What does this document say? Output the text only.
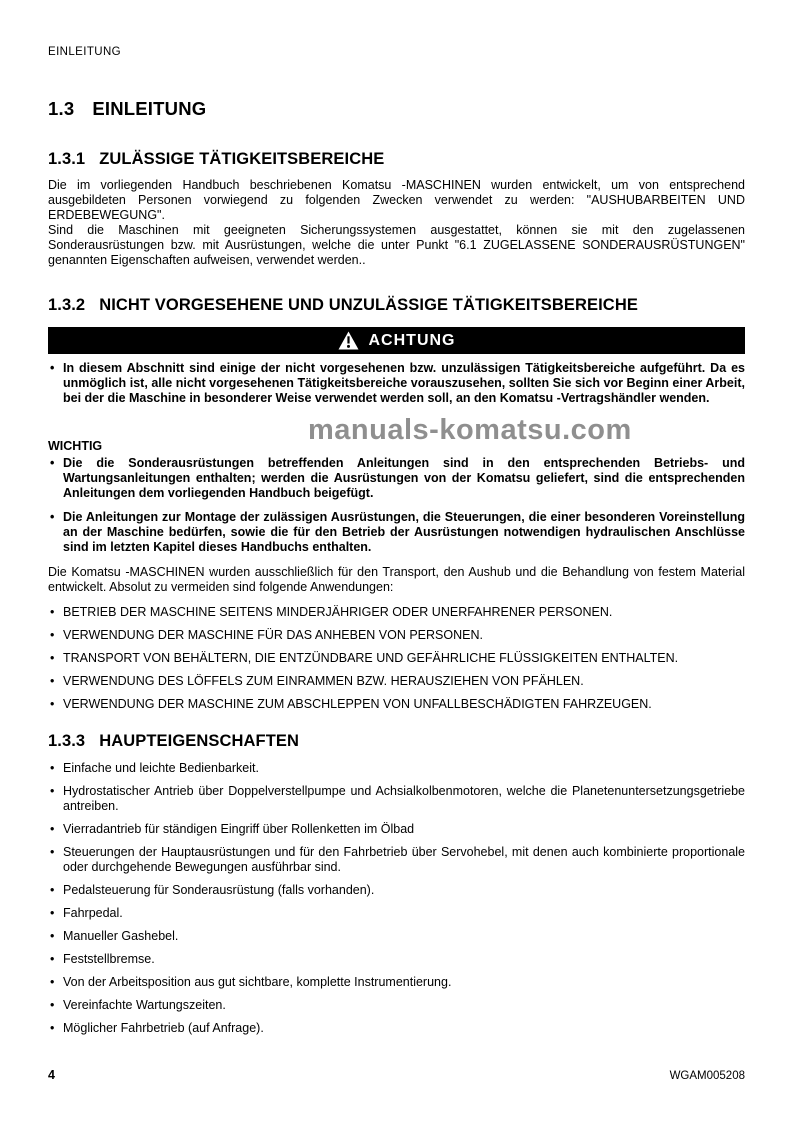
EINLEITUNG
1.3 EINLEITUNG
1.3.1 ZULÄSSIGE TÄTIGKEITSBEREICHE

Die im vorliegenden Handbuch beschriebenen Komatsu -MASCHINEN wurden entwickelt, um von entsprechend ausgebildeten Personen vorwiegend zu folgenden Zwecken verwendet zu werden: "AUSHUBARBEITEN UND ERDEBEWEGUNG".

Sind die Maschinen mit geeigneten Sicherungssystemen ausgestattet, können sie mit den zugelassenen Sonderausrüstungen bzw. mit Ausrüstungen, welche die unter Punkt "6.1 ZUGELASSENE SONDERAUSRÜSTUNGEN" genannten Eigenschaften aufweisen, verwendet werden..

1.3.2 NICHT VORGESEHENE UND UNZULÄSSIGE TÄTIGKEITSBEREICHE
ACHTUNG
• In diesem Abschnitt sind einige der nicht vorgesehenen bzw. unzulässigen Tätigkeitsbereiche aufgeführt. Da es unmöglich ist, alle nicht vorgesehenen Tätigkeitsbereiche vorauszusehen, sollten Sie sich vor Beginn einer Arbeit, bei der die Maschine in besonderer Weise verwendet werden soll, an den Komatsu -Vertragshändler wenden.
WICHTIG
• Die die Sonderausrüstungen betreffenden Anleitungen sind in den entsprechenden Betriebs- und Wartungsanleitungen enthalten; werden die Ausrüstungen von der Komatsu geliefert, sind die entsprechenden Anleitungen dem vorliegenden Handbuch beigefügt.
• Die Anleitungen zur Montage der zulässigen Ausrüstungen, die Steuerungen, die einer besonderen Voreinstellung an der Maschine bedürfen, sowie die für den Betrieb der Ausrüstungen notwendigen hydraulischen Anschlüsse sind im letzten Kapitel dieses Handbuchs enthalten.

Die Komatsu -MASCHINEN wurden ausschließlich für den Transport, den Aushub und die Behandlung von festem Material entwickelt. Absolut zu vermeiden sind folgende Anwendungen:

• BETRIEB DER MASCHINE SEITENS MINDERJÄHRIGER ODER UNERFAHRENER PERSONEN.
• VERWENDUNG DER MASCHINE FÜR DAS ANHEBEN VON PERSONEN.
• TRANSPORT VON BEHÄLTERN, DIE ENTZÜNDBARE UND GEFÄHRLICHE FLÜSSIGKEITEN ENTHALTEN.
• VERWENDUNG DES LÖFFELS ZUM EINRAMMEN BZW. HERAUSZIEHEN VON PFÄHLEN.
• VERWENDUNG DER MASCHINE ZUM ABSCHLEPPEN VON UNFALLBESCHÄDIGTEN FAHRZEUGEN.
1.3.3 HAUPTEIGENSCHAFTEN
• Einfache und leichte Bedienbarkeit.
• Hydrostatischer Antrieb über Doppelverstellpumpe und Achsialkolbenmotoren, welche die Planetenuntersetzungsgetriebe antreiben.
• Vierradantrieb für ständigen Eingriff über Rollenketten im Ölbad
• Steuerungen der Hauptausrüstungen und für den Fahrbetrieb über Servohebel, mit denen auch kombinierte proportionale oder durchgehende Bewegungen ausführbar sind.
• Pedalsteuerung für Sonderausrüstung (falls vorhanden).
• Fahrpedal.
• Manueller Gashebel.
• Feststellbremse.
• Von der Arbeitsposition aus gut sichtbare, komplette Instrumentierung.
• Vereinfachte Wartungszeiten.
• Möglicher Fahrbetrieb (auf Anfrage).
manuals-komatsu.com
4	WGAM005208
